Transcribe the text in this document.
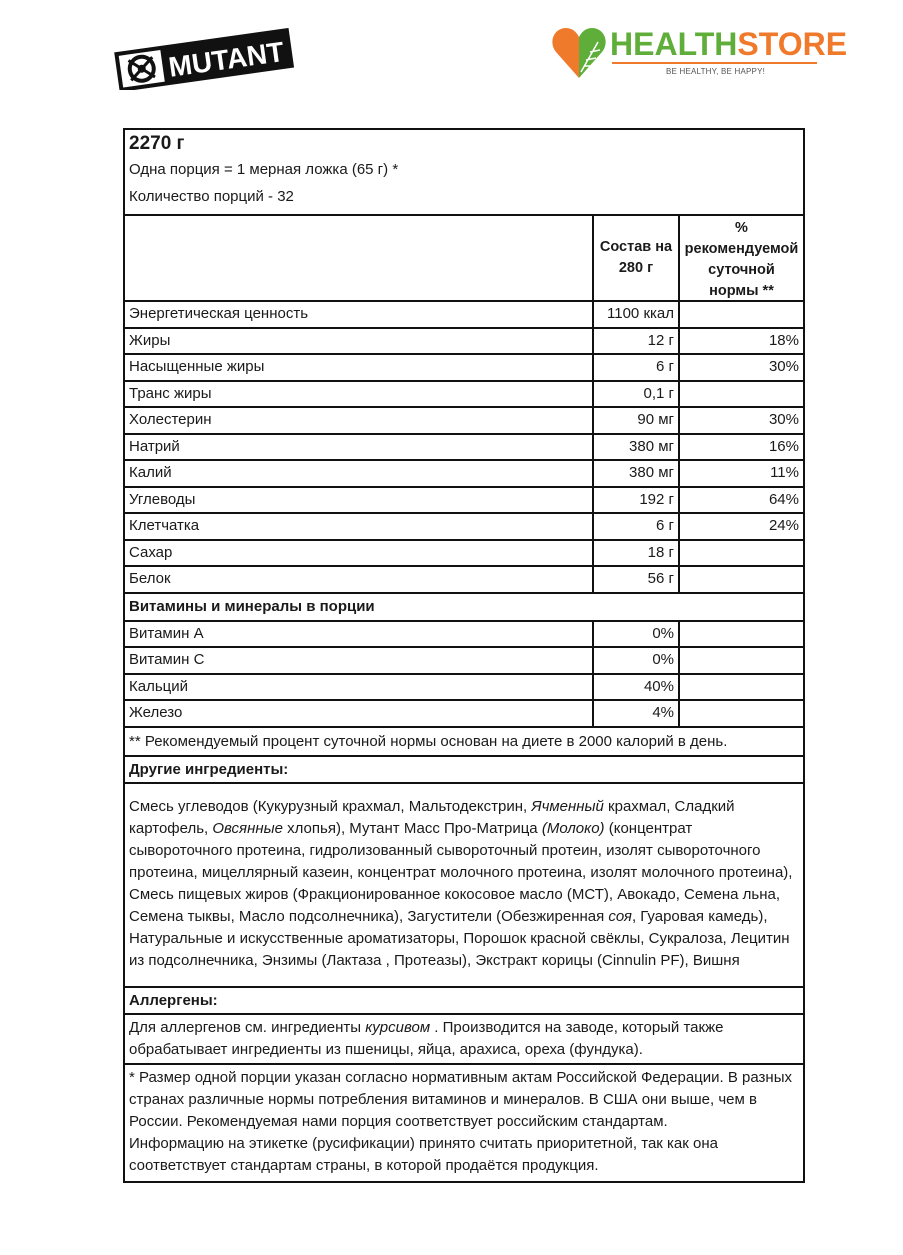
MUTANT	HEALTHSTORE
BE HEALTHY, BE HAPPY!
2270 г
Одна порция = 1 мерная ложка (65 г) *
Количество порций - 32
Состав на 280 г
%
рекомендуемой
суточной
нормы **
Энергетическая ценность	1100 ккал
Жиры	12 г	18%
Насыщенные жиры	6 г	30%
Транс жиры	0,1 г
Холестерин	90 мг	30%
Натрий	380 мг	16%
Калий	380 мг	11%
Углеводы	192 г	64%
Клетчатка	6 г	24%
Сахар	18 г
Белок	56 г
Витамины и минералы в порции
Витамин А	0%
Витамин С	0%
Кальций	40%
Железо	4%
** Рекомендуемый процент суточной нормы основан на диете в 2000 калорий в день.
Другие ингредиенты:
Смесь углеводов (Кукурузный крахмал, Мальтодекстрин, Ячменный крахмал, Сладкий картофель, Овсянные хлопья), Мутант Масс Про-Матрица (Молоко) (концентрат сывороточного протеина, гидролизованный сывороточный протеин, изолят сывороточного протеина, мицеллярный казеин, концентрат молочного протеина, изолят молочного протеина), Смесь пищевых жиров (Фракционированное кокосовое масло (МСТ), Авокадо, Семена льна, Семена тыквы, Масло подсолнечника), Загустители (Обезжиренная соя, Гуаровая камедь), Натуральные и искусственные ароматизаторы, Порошок красной свёклы, Сукралоза, Лецитин из подсолнечника, Энзимы (Лактаза , Протеазы), Экстракт корицы (Cinnulin PF), Вишня
Аллергены:
Для аллергенов см. ингредиенты курсивом . Производится на заводе, который также обрабатывает ингредиенты из пшеницы, яйца, арахиса, ореха (фундука).
* Размер одной порции указан согласно нормативным актам Российской Федерации. В разных странах различные нормы потребления витаминов и минералов. В США они выше, чем в России. Рекомендуемая нами порция соответствует российским стандартам.
Информацию на этикетке (русификации) принято считать приоритетной, так как она соответствует стандартам страны, в которой продаётся продукция.
